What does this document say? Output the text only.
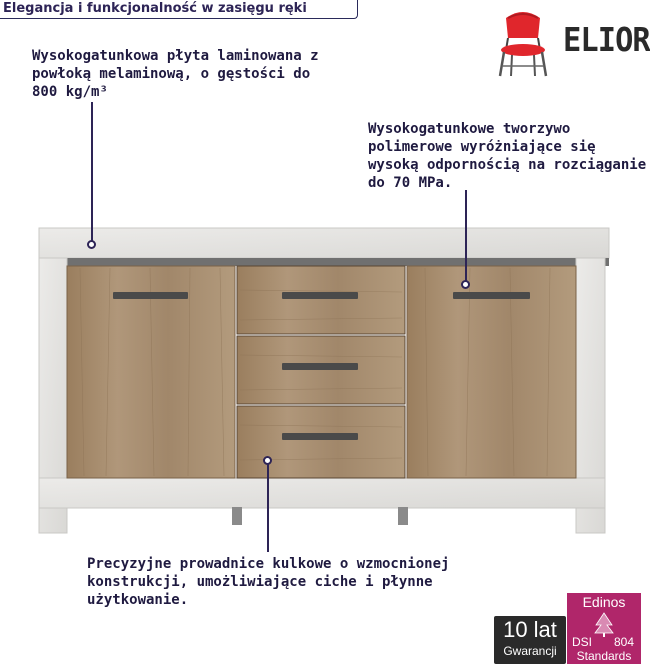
Elegancja i funkcjonalność w zasięgu ręki
ELIOR
Wysokogatunkowa płyta laminowana z powłoką melaminową, o gęstości do 800 kg/m³
Wysokogatunkowe tworzywo polimerowe wyróżniające się wysoką odpornością na rozciąganie do 70 MPa.
Precyzyjne prowadnice kulkowe o wzmocnionej konstrukcji, umożliwiające ciche i płynne użytkowanie.
10 lat
Gwarancji
Edinos
DSI 804
Standards
